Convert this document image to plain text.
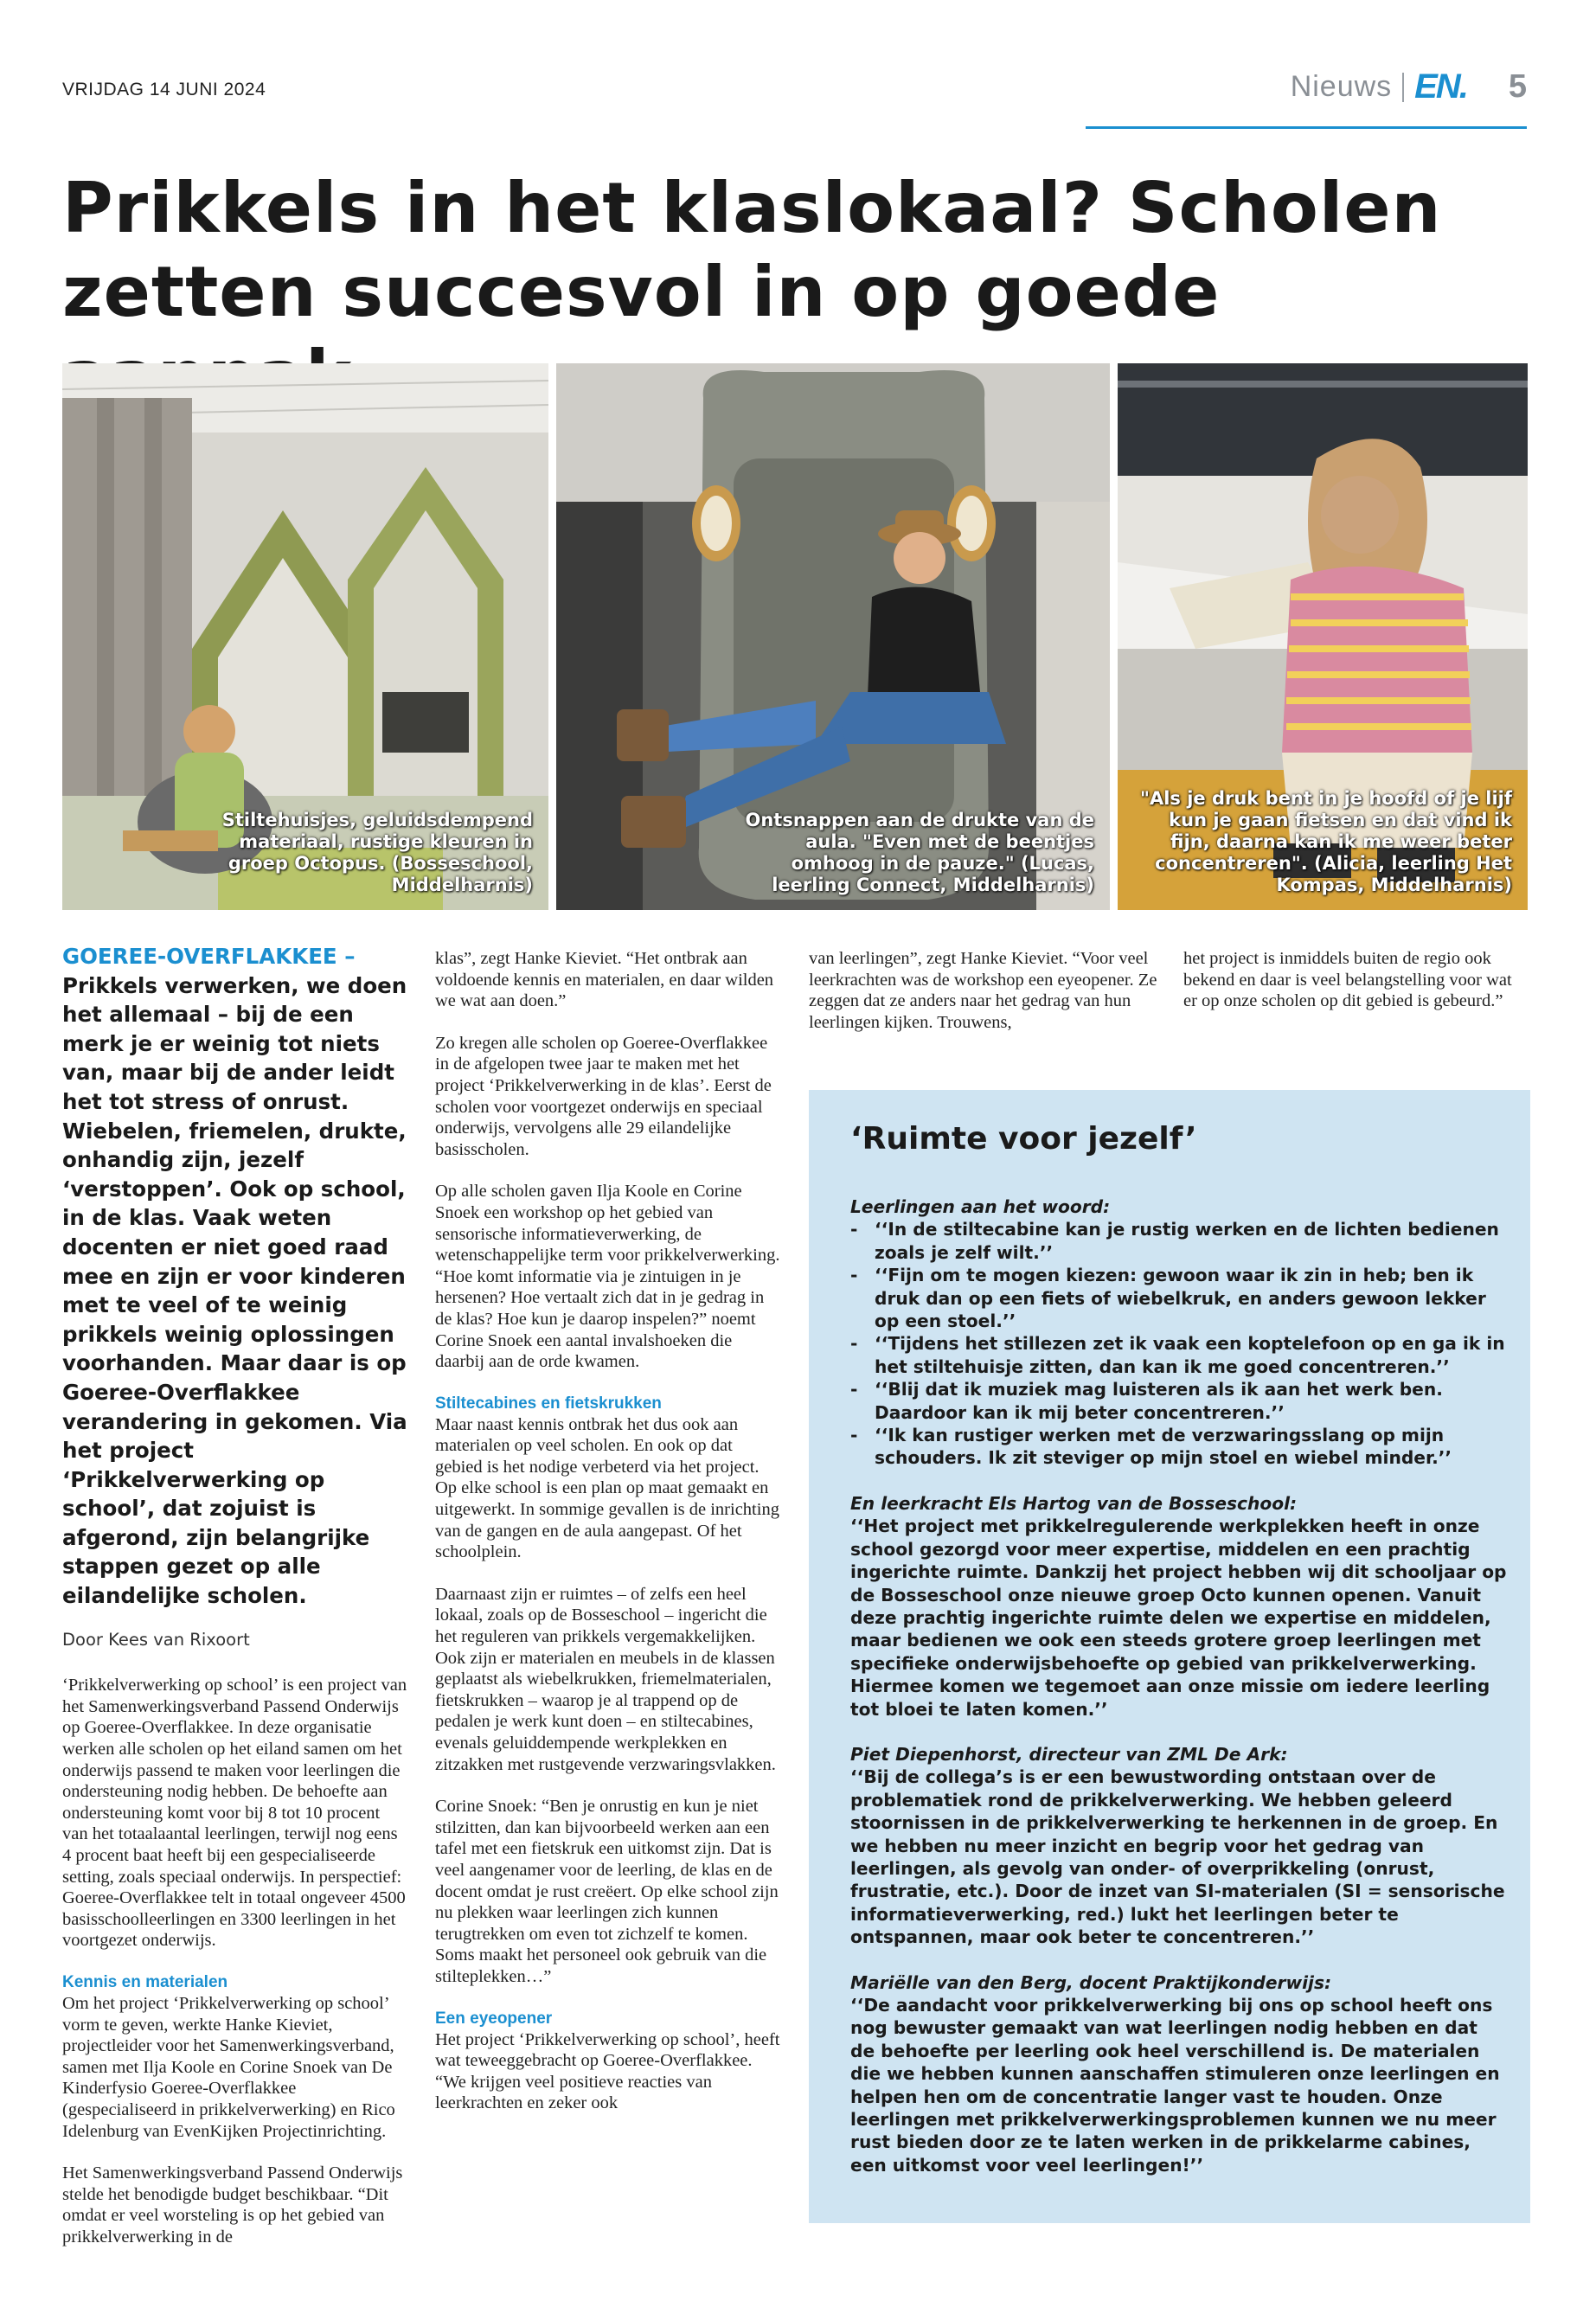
VRIJDAG 14 JUNI 2024	Nieuws EN. 5
Prikkels in het klaslokaal? Scholen zetten succesvol in op goede
Stiltehuisjes, geluidsdempend materiaal, rustige kleuren in groep Octopus. (Bosseschool, Middelharnis)
Ontsnappen aan de drukte van de aula. "Even met de beentjes omhoog in de pauze." (Lucas, leerling Connect, Middelharnis)
"Als je druk bent in je hoofd of je lijf kun je gaan fietsen en dat vind ik fijn, daarna kan ik me weer beter concentreren". (Alicia, leerling Het Kompas, Middelharnis)
GOEREE-OVERFLAKKEE –
Prikkels verwerken, we doen het allemaal – bij de een merk je er weinig tot niets van, maar bij de ander leidt het tot stress of onrust. Wiebelen, friemelen, drukte, onhandig zijn, jezelf ‘verstoppen’. Ook op school, in de klas. Vaak weten docenten er niet goed raad mee en zijn er voor kinderen met te veel of te weinig prikkels weinig oplossingen voorhanden. Maar daar is op Goeree-Overflakkee verandering in gekomen. Via het project ‘Prikkelverwerking op school’, dat zojuist is afgerond, zijn belangrijke stappen gezet op alle eilandelijke scholen.
Door Kees van Rixoort

‘Prikkelverwerking op school’ is een project van het Samenwerkingsverband Passend Onderwijs op Goeree-Overflakkee. In deze organisatie werken alle scholen op het eiland samen om het onderwijs passend te maken voor leerlingen die ondersteuning nodig hebben. De behoefte aan ondersteuning komt voor bij 8 tot 10 procent van het totaalaantal leerlingen, terwijl nog eens 4 procent baat heeft bij een gespecialiseerde setting, zoals speciaal onderwijs. In perspectief: Goeree-Overflakkee telt in totaal ongeveer 4500 basisschoolleerlingen en 3300 leerlingen in het voortgezet onderwijs.

Kennis en materialen

Om het project ‘Prikkelverwerking op school’ vorm te geven, werkte Hanke Kieviet, projectleider voor het Samenwerkingsverband, samen met Ilja Koole en Corine Snoek van De Kinderfysio Goeree-Overflakkee (gespecialiseerd in prikkelverwerking) en Rico Idelenburg van EvenKijken Projectinrichting.

Het Samenwerkingsverband Passend Onderwijs stelde het benodigde budget beschikbaar. “Dit omdat er veel worsteling is op het gebied van prikkelverwerking in de

klas”, zegt Hanke Kieviet. “Het ontbrak aan voldoende kennis en materialen, en daar wilden we wat aan doen.”

Zo kregen alle scholen op Goeree-Overflakkee in de afgelopen twee jaar te maken met het project ‘Prikkelverwerking in de klas’. Eerst de scholen voor voortgezet onderwijs en speciaal onderwijs, vervolgens alle 29 eilandelijke basisscholen.

Op alle scholen gaven Ilja Koole en Corine Snoek een workshop op het gebied van sensorische informatieverwerking, de wetenschappelijke term voor prikkelverwerking. “Hoe komt informatie via je zintuigen in je hersenen? Hoe vertaalt zich dat in je gedrag in de klas? Hoe kun je daarop inspelen?” noemt Corine Snoek een aantal invalshoeken die daarbij aan de orde kwamen.

Stiltecabines en fietskrukken

Maar naast kennis ontbrak het dus ook aan materialen op veel scholen. En ook op dat gebied is het nodige verbeterd via het project. Op elke school is een plan op maat gemaakt en uitgewerkt. In sommige gevallen is de inrichting van de gangen en de aula aangepast. Of het schoolplein.

Daarnaast zijn er ruimtes – of zelfs een heel lokaal, zoals op de Bosseschool – ingericht die het reguleren van prikkels vergemakkelijken. Ook zijn er materialen en meubels in de klassen geplaatst als wiebelkrukken, friemelmaterialen, fietskrukken – waarop je al trappend op de pedalen je werk kunt doen – en stiltecabines, evenals geluiddempende werkplekken en zitzakken met rustgevende verzwaringsvlakken.

Corine Snoek: “Ben je onrustig en kun je niet stilzitten, dan kan bijvoorbeeld werken aan een tafel met een fietskruk een uitkomst zijn. Dat is veel aangenamer voor de leerling, de klas en de docent omdat je rust creëert. Op elke school zijn nu plekken waar leerlingen zich kunnen terugtrekken om even tot zichzelf te komen. Soms maakt het personeel ook gebruik van die stilteplekken…”

Een eyeopener

Het project ‘Prikkelverwerking op school’, heeft wat teweeggebracht op Goeree-Overflakkee. “We krijgen veel positieve reacties van leerkrachten en zeker ook

van leerlingen”, zegt Hanke Kieviet. “Voor veel leerkrachten was de workshop een eyeopener. Ze zeggen dat ze anders naar het gedrag van hun leerlingen kijken. Trouwens,

het project is inmiddels buiten de regio ook bekend en daar is veel belangstelling voor wat er op onze scholen op dit gebied is gebeurd.”

‘Ruimte voor jezelf’
Leerlingen aan het woord:
- ‘‘In de stiltecabine kan je rustig werken en de lichten bedienen zoals je zelf wilt.’’
- ‘‘Fijn om te mogen kiezen: gewoon waar ik zin in heb; ben ik druk dan op een fiets of wiebelkruk, en anders gewoon lekker op een stoel.’’
- ‘‘Tijdens het stillezen zet ik vaak een koptelefoon op en ga ik in het stiltehuisje zitten, dan kan ik me goed concentreren.’’
- ‘‘Blij dat ik muziek mag luisteren als ik aan het werk ben. Daardoor kan ik mij beter concentreren.’’
- ‘‘Ik kan rustiger werken met de verzwaringsslang op mijn schouders. Ik zit steviger op mijn stoel en wiebel minder.’’
En leerkracht Els Hartog van de Bosseschool:
‘‘Het project met prikkelregulerende werkplekken heeft in onze school gezorgd voor meer expertise, middelen en een prachtig ingerichte ruimte. Dankzij het project hebben wij dit schooljaar op de Bosseschool onze nieuwe groep Octo kunnen openen. Vanuit deze prachtig ingerichte ruimte delen we expertise en middelen, maar bedienen we ook een steeds grotere groep leerlingen met specifieke onderwijsbehoefte op gebied van prikkelverwerking. Hiermee komen we tegemoet aan onze missie om iedere leerling tot bloei te laten komen.’’
Piet Diepenhorst, directeur van ZML De Ark:
‘‘Bij de collega’s is er een bewustwording ontstaan over de problematiek rond de prikkelverwerking. We hebben geleerd stoornissen in de prikkelverwerking te herkennen in de groep. En we hebben nu meer inzicht en begrip voor het gedrag van leerlingen, als gevolg van onder- of overprikkeling (onrust, frustratie, etc.). Door de inzet van SI-materialen (SI = sensorische informatieverwerking, red.) lukt het leerlingen beter te ontspannen, maar ook beter te concentreren.’’
Mariëlle van den Berg, docent Praktijkonderwijs:
‘‘De aandacht voor prikkelverwerking bij ons op school heeft ons nog bewuster gemaakt van wat leerlingen nodig hebben en dat de behoefte per leerling ook heel verschillend is. De materialen die we hebben kunnen aanschaffen stimuleren onze leerlingen en helpen hen om de concentratie langer vast te houden. Onze leerlingen met prikkelverwerkingsproblemen kunnen we nu meer rust bieden door ze te laten werken in de prikkelarme cabines, een uitkomst voor veel leerlingen!’’
